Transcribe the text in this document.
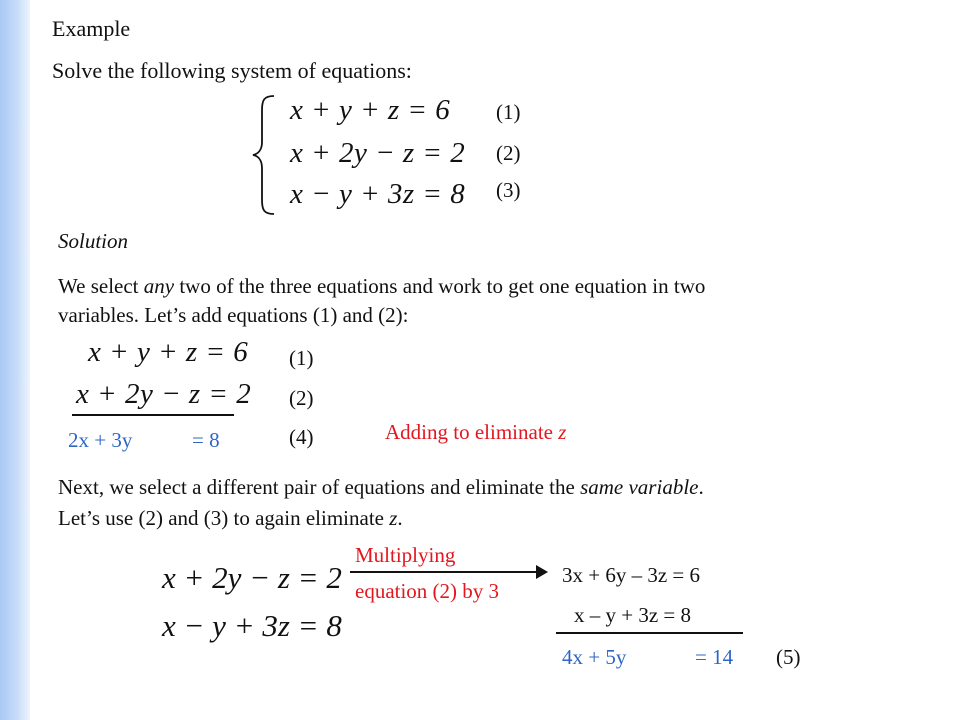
Example
Solve the following system of equations:
x + y + z = 6 (1)
x + 2y − z = 2 (2)
x − y + 3z = 8 (3)
Solution
We select any two of the three equations and work to get one equation in two
variables. Let’s add equations (1) and (2):
x + y + z = 6 (1)
x + 2y − z = 2 (2)
2x + 3y	= 8	(4)	Adding to eliminate z
Next, we select a different pair of equations and eliminate the same variable.
Let’s use (2) and (3) to again eliminate z.
x + 2y − z = 2
x − y + 3z = 8
Multiplying
equation (2) by 3
3x + 6y – 3z = 6
x – y + 3z = 8
4x + 5y	= 14 (5)
